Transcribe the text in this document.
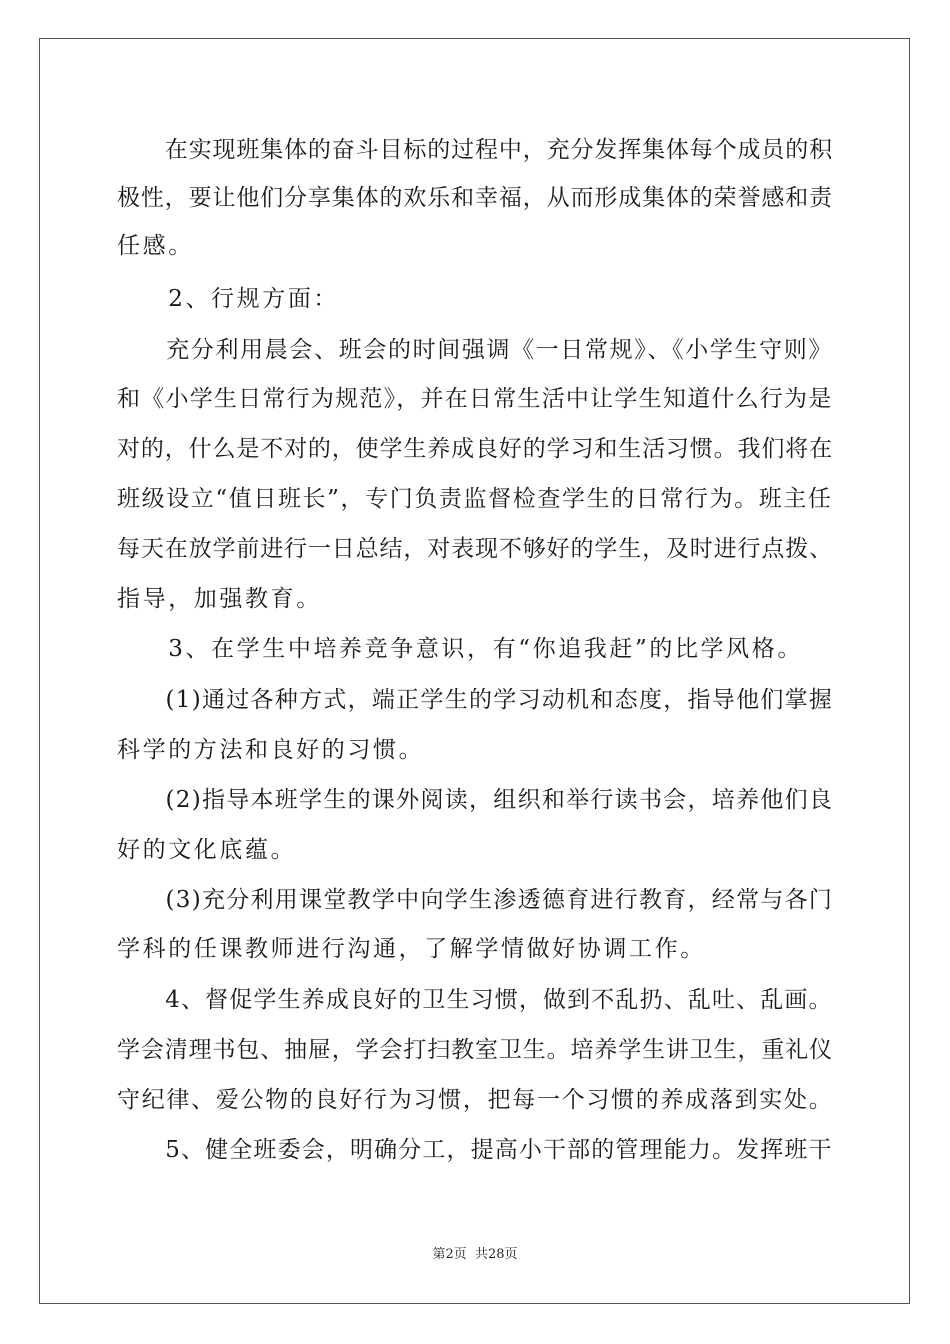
　　在实现班集体的奋斗目标的过程中，充分发挥集体每个成员的积
极性，要让他们分享集体的欢乐和幸福，从而形成集体的荣誉感和责
任感。
　　2、行规方面：
　　充分利用晨会、班会的时间强调《一日常规》、《小学生守则》
和《小学生日常行为规范》，并在日常生活中让学生知道什么行为是
对的，什么是不对的，使学生养成良好的学习和生活习惯。我们将在
班级设立“值日班长”，专门负责监督检查学生的日常行为。班主任
每天在放学前进行一日总结，对表现不够好的学生，及时进行点拨、
指导，加强教育。
　　3、在学生中培养竞争意识，有“你追我赶”的比学风格。
　　(1)通过各种方式，端正学生的学习动机和态度，指导他们掌握
科学的方法和良好的习惯。
　　(2)指导本班学生的课外阅读，组织和举行读书会，培养他们良
好的文化底蕴。
　　(3)充分利用课堂教学中向学生渗透德育进行教育，经常与各门
学科的任课教师进行沟通，了解学情做好协调工作。
　　4、督促学生养成良好的卫生习惯，做到不乱扔、乱吐、乱画。
学会清理书包、抽屉，学会打扫教室卫生。培养学生讲卫生，重礼仪
守纪律、爱公物的良好行为习惯，把每一个习惯的养成落到实处。
　　5、健全班委会，明确分工，提高小干部的管理能力。发挥班干
第2页 共28页
